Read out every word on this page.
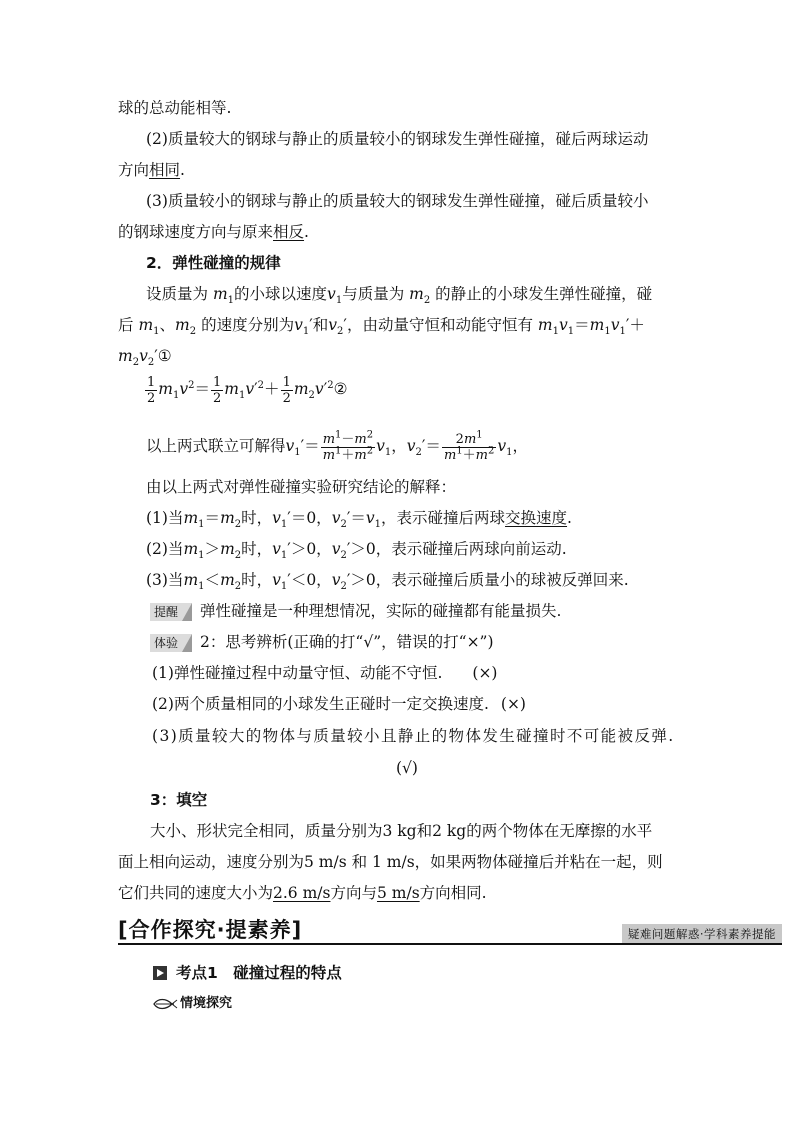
球的总动能相等.
(2)质量较大的钢球与静止的质量较小的钢球发生弹性碰撞，碰后两球运动
方向相同.
(3)质量较小的钢球与静止的质量较大的钢球发生弹性碰撞，碰后质量较小
的钢球速度方向与原来相反.
2．弹性碰撞的规律
设质量为 $m_1$的小球以速度$v_1$与质量为 $m_2$ 的静止的小球发生弹性碰撞，碰
后 $m_1$、$m_2$ 的速度分别为$v_1'$和$v_2'$，由动量守恒和动能守恒有 $m_1v_1=m_1v_1'+$
$m_2v_2'①$
$\frac{1}{2} m_1v^2= \frac{1}{2} m_1v'^2+ \frac{1}{2}$ $m_2v'^2②$
以上两式联立可解得$v_1'= \frac{m^1-m^2}{m^1+m^2} v_1$，$v_2'= \frac{2m^1}{m^1+m^2} v_1$，
由以上两式对弹性碰撞实验研究结论的解释：
(1)当$m_1=m_2$时，$v_1'=0$，$v_2'=v_1$，表示碰撞后两球交换速度.
(2)当$m_1>m_2$时，$v_1'>0$，$v_2'>0$，表示碰撞后两球向前运动.
(3)当$m_1<m_2$时，$v_1'<0$，$v_2'>0$，表示碰撞后质量小的球被反弹回来.
提醒 弹性碰撞是一种理想情况，实际的碰撞都有能量损失.
体验 2：思考辨析(正确的打“√”，错误的打“×”)
(1)弹性碰撞过程中动量守恒、动能不守恒. (×)
(2)两个质量相同的小球发生正碰时一定交换速度. (×)
(3)质量较大的物体与质量较小且静止的物体发生碰撞时不可能被反弹.
(√)
3：填空
大小、形状完全相同，质量分别为3 kg和2 kg的两个物体在无摩擦的水平
面上相向运动，速度分别为5 m/s 和 1 m/s，如果两物体碰撞后并粘在一起，则
它们共同的速度大小为2.6 m/s方向与5 m/s方向相同.
[合作探究·提素养]	疑难问题解惑·学科素养提能
考点1　碰撞过程的特点
情境探究
